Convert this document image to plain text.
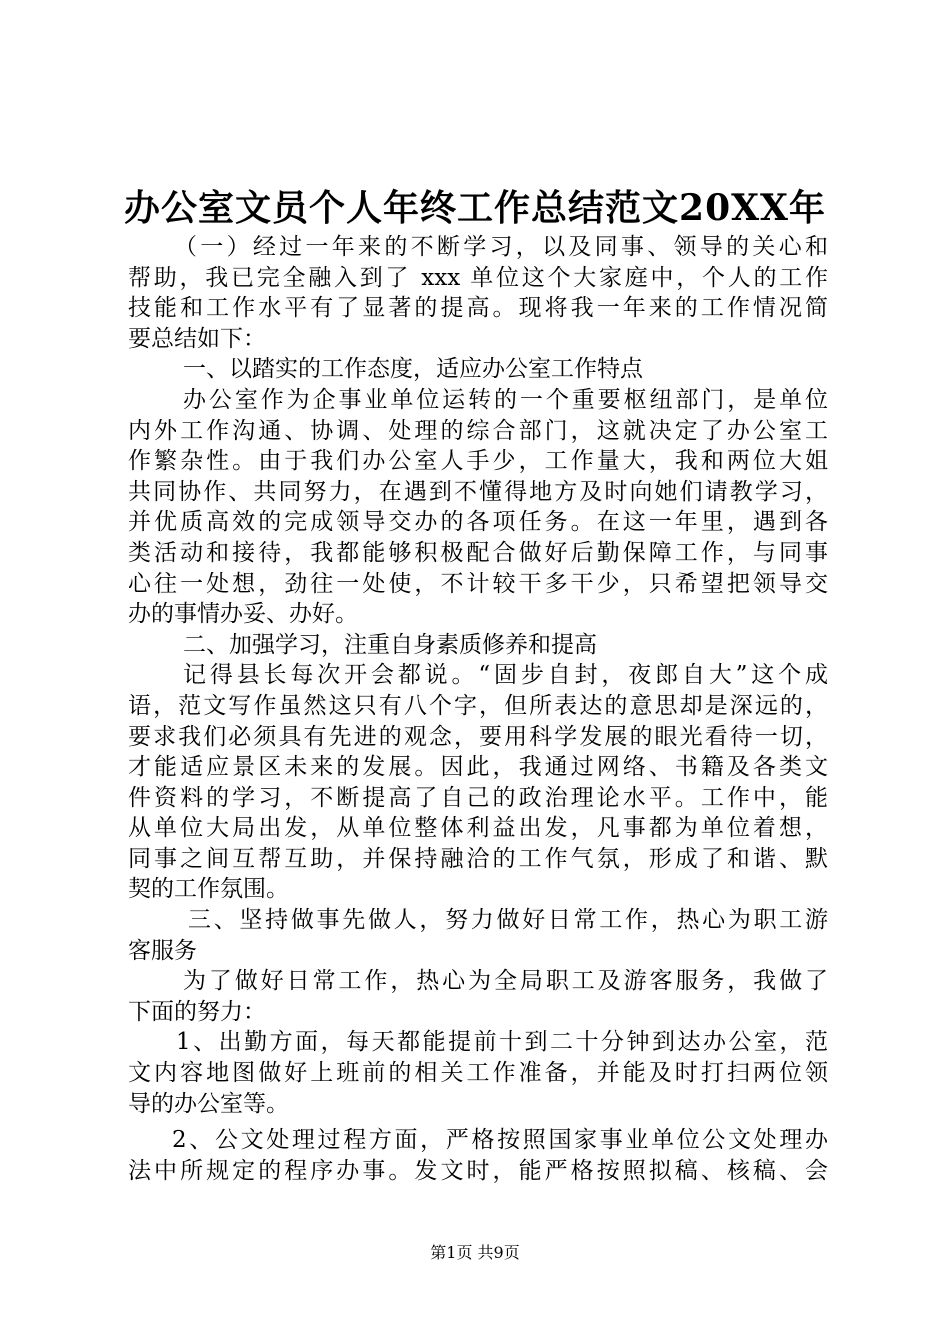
办公室文员个人年终工作总结范文20XX年
（一）经过一年来的不断学习，以及同事、领导的关心和
帮助，我已完全融入到了 xxx 单位这个大家庭中，个人的工作
技能和工作水平有了显著的提高。现将我一年来的工作情况简
要总结如下：
一、以踏实的工作态度，适应办公室工作特点
办公室作为企事业单位运转的一个重要枢纽部门，是单位
内外工作沟通、协调、处理的综合部门，这就决定了办公室工
作繁杂性。由于我们办公室人手少，工作量大，我和两位大姐
共同协作、共同努力，在遇到不懂得地方及时向她们请教学习，
并优质高效的完成领导交办的各项任务。在这一年里，遇到各
类活动和接待，我都能够积极配合做好后勤保障工作，与同事
心往一处想，劲往一处使，不计较干多干少，只希望把领导交
办的事情办妥、办好。
二、加强学习，注重自身素质修养和提高
记得县长每次开会都说。“固步自封，夜郎自大”这个成
语，范文写作虽然这只有八个字，但所表达的意思却是深远的，
要求我们必须具有先进的观念，要用科学发展的眼光看待一切，
才能适应景区未来的发展。因此，我通过网络、书籍及各类文
件资料的学习，不断提高了自己的政治理论水平。工作中，能
从单位大局出发，从单位整体利益出发，凡事都为单位着想，
同事之间互帮互助，并保持融洽的工作气氛，形成了和谐、默
契的工作氛围。
三、坚持做事先做人，努力做好日常工作，热心为职工游
客服务
为了做好日常工作，热心为全局职工及游客服务，我做了
下面的努力：
1、出勤方面，每天都能提前十到二十分钟到达办公室，范
文内容地图做好上班前的相关工作准备，并能及时打扫两位领
导的办公室等。
2、公文处理过程方面，严格按照国家事业单位公文处理办
法中所规定的程序办事。发文时，能严格按照拟稿、核稿、会
第1页 共9页
